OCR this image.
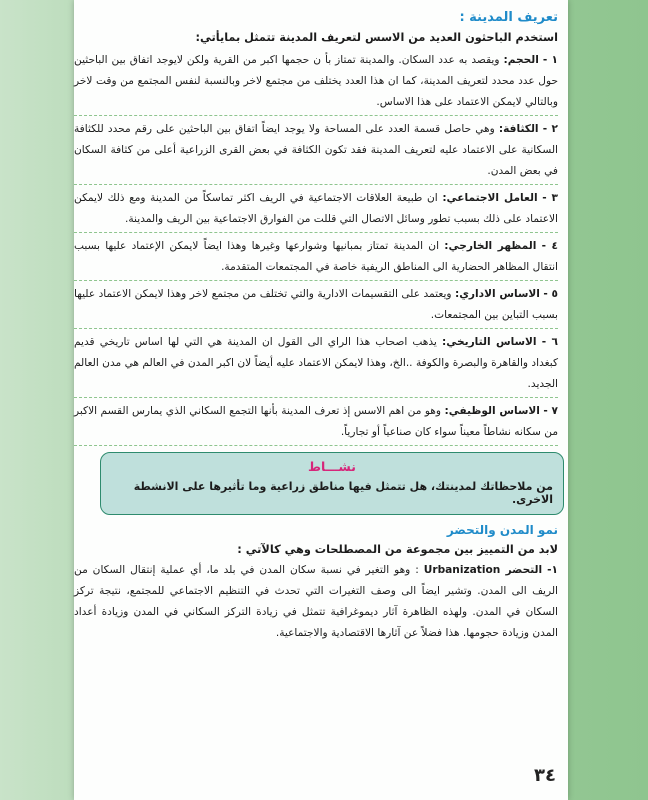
تعريف المدينة :
استخدم الباحثون العديد من الاسس لتعريف المدينة تتمثل بمايأتي:
١ - الحجم: ويقصد به عدد السكان. والمدينة تمتاز بأ ن حجمها اكبر من القرية ولكن لايوجد اتفاق بين الباحثين حول عدد محدد لتعريف المدينة، كما ان هذا العدد يختلف من مجتمع لاخر وبالنسبة لنفس المجتمع من وقت لاخر وبالتالي لايمكن الاعتماد على هذا الاساس.
٢ - الكثافة: وهي حاصل قسمة العدد على المساحة ولا يوجد ايضاً اتفاق بين الباحثين على رقم محدد للكثافة السكانية على الاعتماد عليه لتعريف المدينة فقد تكون الكثافة في بعض القرى الزراعية أعلى من كثافة السكان في بعض المدن.
٣ - العامل الاجتماعي: ان طبيعة العلاقات الاجتماعية في الريف اكثر تماسكاً من المدينة ومع ذلك لايمكن الاعتماد على ذلك بسبب تطور وسائل الاتصال التي قللت من الفوارق الاجتماعية بين الريف والمدينة.
٤ - المظهر الخارجي: ان المدينة تمتاز بمبانيها وشوارعها وغيرها وهذا ايضاً لايمكن الإعتماد عليها بسبب انتقال المظاهر الحضارية الى المناطق الريفية خاصة في المجتمعات المتقدمة.
٥ - الاساس الاداري: ويعتمد على التقسيمات الادارية والتي تختلف من مجتمع لاخر وهذا لايمكن الاعتماد عليها بسبب التباين بين المجتمعات.
٦ - الاساس التاريخي: يذهب اصحاب هذا الراي الى القول ان المدينة هي التي لها اساس تاريخي قديم كبغداد والقاهرة والبصرة والكوفة ..الخ، وهذا لايمكن الاعتماد عليه أيضاً لان اكبر المدن في العالم هي مدن العالم الجديد.
٧ - الاساس الوظيفي: وهو من اهم الاسس إذ تعرف المدينة بأنها التجمع السكاني الذي يمارس القسم الاكبر من سكانه نشاطاً معيناً سواء كان صناعياً أو تجارياً.
نشـــاط
من ملاحظاتك لمدينتك، هل تتمثل فيها مناطق زراعية وما تأثيرها على الانشطة الاخرى.
نمو المدن والتحضر
لابد من التمييز بين مجموعة من المصطلحات وهي كالآتي :
١- التحضر Urbanization : وهو التغير في نسبة سكان المدن في بلد ما، أي عملية إنتقال السكان من الريف الى المدن. وتشير ايضاً الى وصف التغيرات التي تحدث في التنظيم الاجتماعي للمجتمع، نتيجة تركز السكان في المدن. ولهذه الظاهرة آثار ديموغرافية تتمثل في زيادة التركز السكاني في المدن وزيادة أعداد المدن وزيادة حجومها. هذا فضلاً عن آثارها الاقتصادية والاجتماعية.
٣٤
